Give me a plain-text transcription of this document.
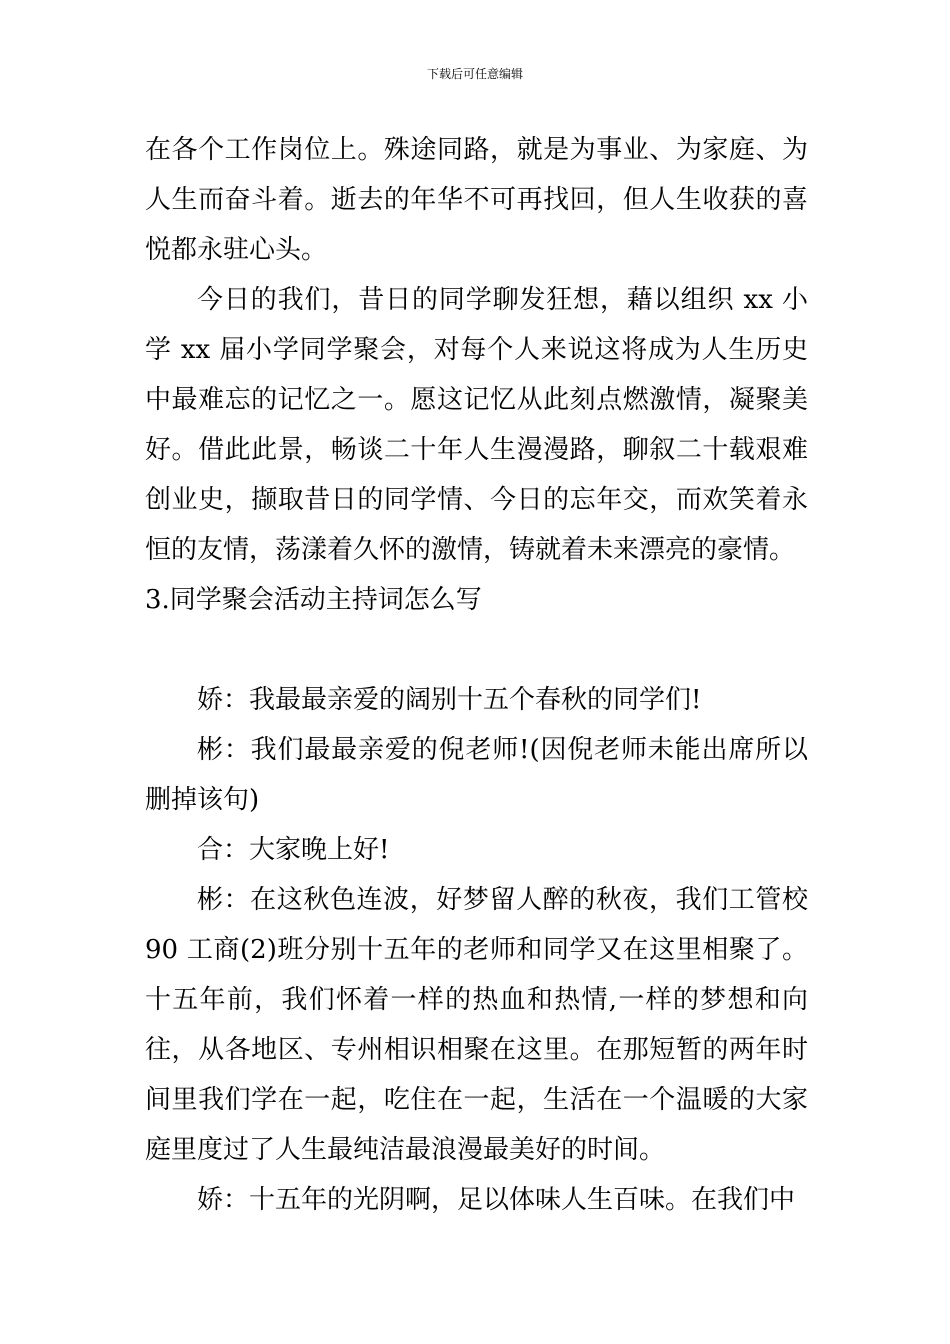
下载后可任意编辑

在各个工作岗位上。殊途同路，就是为事业、为家庭、为人生而奋斗着。逝去的年华不可再找回，但人生收获的喜悦都永驻心头。

今日的我们，昔日的同学聊发狂想，藉以组织 xx 小学 xx 届小学同学聚会，对每个人来说这将成为人生历史中最难忘的记忆之一。愿这记忆从此刻点燃激情，凝聚美好。借此此景，畅谈二十年人生漫漫路，聊叙二十载艰难创业史，撷取昔日的同学情、今日的忘年交，而欢笑着永恒的友情，荡漾着久怀的激情，铸就着未来漂亮的豪情。

3.同学聚会活动主持词怎么写

娇：我最最亲爱的阔别十五个春秋的同学们!

彬：我们最最亲爱的倪老师!(因倪老师未能出席所以删掉该句)

合：大家晚上好!

彬：在这秋色连波，好梦留人醉的秋夜，我们工管校 90 工商(2)班分别十五年的老师和同学又在这里相聚了。十五年前，我们怀着一样的热血和热情,一样的梦想和向往，从各地区、专州相识相聚在这里。在那短暂的两年时间里我们学在一起，吃住在一起，生活在一个温暖的大家庭里度过了人生最纯洁最浪漫最美好的时间。

娇：十五年的光阴啊，足以体味人生百味。在我们中
